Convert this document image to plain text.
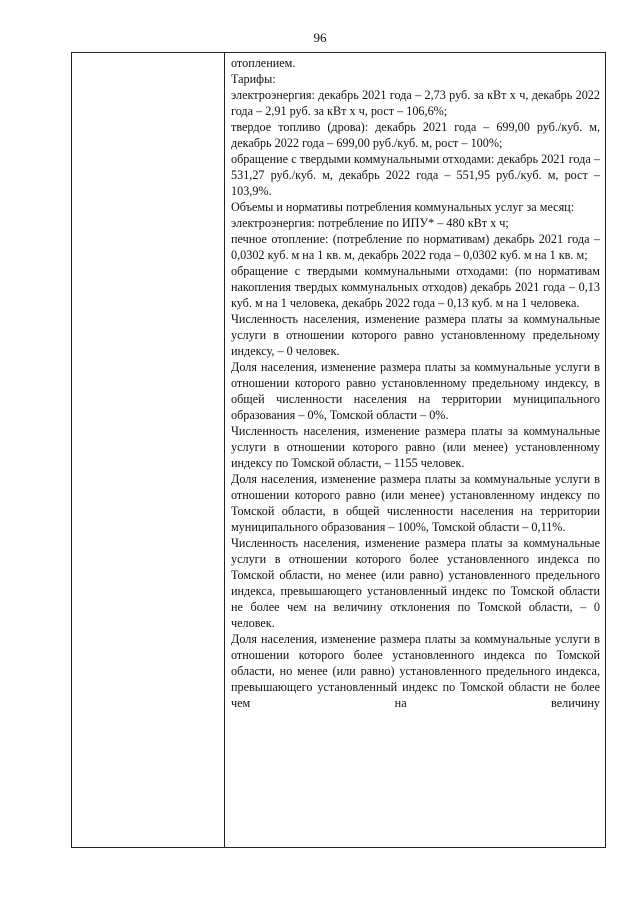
96

отоплением.

Тарифы:

электроэнергия: декабрь 2021 года – 2,73 руб. за кВт x ч, декабрь 2022 года – 2,91 руб. за кВт x ч, рост – 106,6%;

твердое топливо (дрова): декабрь 2021 года – 699,00 руб./куб. м, декабрь 2022 года – 699,00 руб./куб. м, рост – 100%;

обращение с твердыми коммунальными отходами: декабрь 2021 года – 531,27 руб./куб. м, декабрь 2022 года – 551,95 руб./куб. м, рост – 103,9%.

Объемы и нормативы потребления коммунальных услуг за месяц:

электроэнергия: потребление по ИПУ* – 480 кВт x ч;

печное отопление: (потребление по нормативам) декабрь 2021 года – 0,0302 куб. м на 1 кв. м, декабрь 2022 года – 0,0302 куб. м на 1 кв. м;

обращение с твердыми коммунальными отходами: (по нормативам накопления твердых коммунальных отходов) декабрь 2021 года – 0,13 куб. м на 1 человека, декабрь 2022 года – 0,13 куб. м на 1 человека.

Численность населения, изменение размера платы за коммунальные услуги в отношении которого равно установленному предельному индексу, – 0 человек.

Доля населения, изменение размера платы за коммунальные услуги в отношении которого равно установленному предельному индексу, в общей численности населения на территории муниципального образования – 0%, Томской области – 0%.

Численность населения, изменение размера платы за коммунальные услуги в отношении которого равно (или менее) установленному индексу по Томской области, – 1155 человек.

Доля населения, изменение размера платы за коммунальные услуги в отношении которого равно (или менее) установленному индексу по Томской области, в общей численности населения на территории муниципального образования – 100%, Томской области – 0,11%.

Численность населения, изменение размера платы за коммунальные услуги в отношении которого более установленного индекса по Томской области, но менее (или равно) установленного предельного индекса, превышающего установленный индекс по Томской области не более чем на величину отклонения по Томской области, – 0 человек.

Доля населения, изменение размера платы за коммунальные услуги в отношении которого более установленного индекса по Томской области, но менее (или равно) установленного предельного индекса, превышающего установленный индекс по Томской области не более чем на величину
